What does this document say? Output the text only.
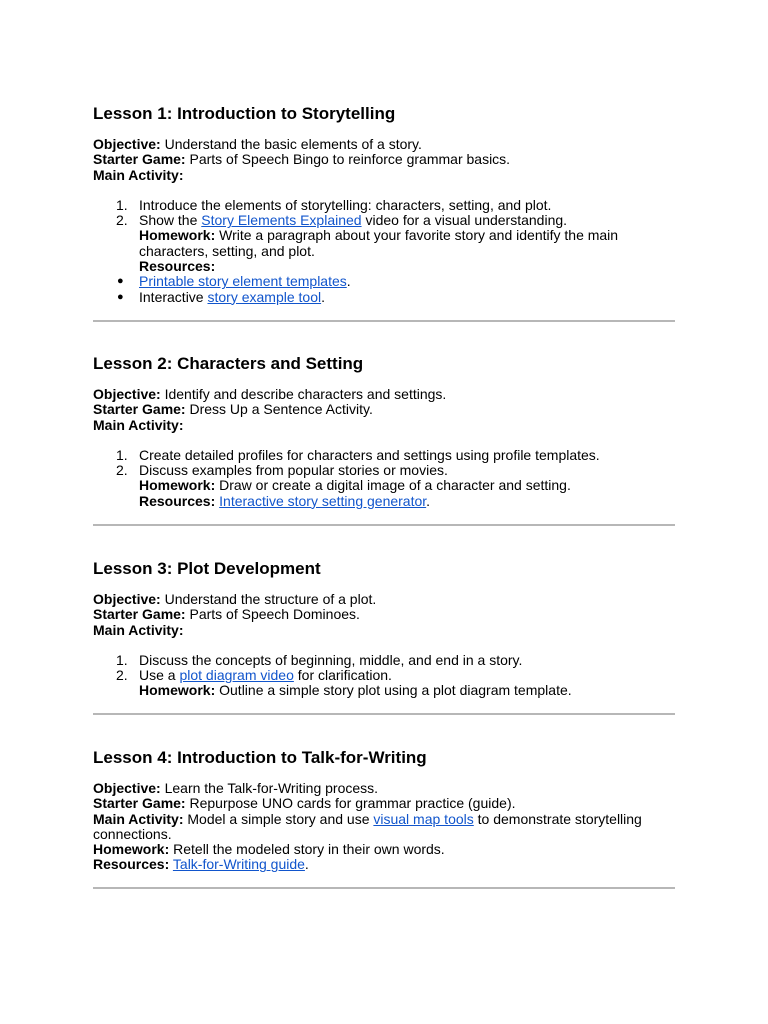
Lesson 1: Introduction to Storytelling
Objective: Understand the basic elements of a story.
Starter Game: Parts of Speech Bingo to reinforce grammar basics.
Main Activity:
1. Introduce the elements of storytelling: characters, setting, and plot.
2. Show the Story Elements Explained video for a visual understanding.
Homework: Write a paragraph about your favorite story and identify the main
characters, setting, and plot.
Resources:
● Printable story element templates.
● Interactive story example tool.
Lesson 2: Characters and Setting
Objective: Identify and describe characters and settings.
Starter Game: Dress Up a Sentence Activity.
Main Activity:
1. Create detailed profiles for characters and settings using profile templates.
2. Discuss examples from popular stories or movies.
Homework: Draw or create a digital image of a character and setting.
Resources: Interactive story setting generator.
Lesson 3: Plot Development
Objective: Understand the structure of a plot.
Starter Game: Parts of Speech Dominoes.
Main Activity:
1. Discuss the concepts of beginning, middle, and end in a story.
2. Use a plot diagram video for clarification.
Homework: Outline a simple story plot using a plot diagram template.
Lesson 4: Introduction to Talk-for-Writing
Objective: Learn the Talk-for-Writing process.
Starter Game: Repurpose UNO cards for grammar practice (guide).
Main Activity: Model a simple story and use visual map tools to demonstrate storytelling
connections.
Homework: Retell the modeled story in their own words.
Resources: Talk-for-Writing guide.
